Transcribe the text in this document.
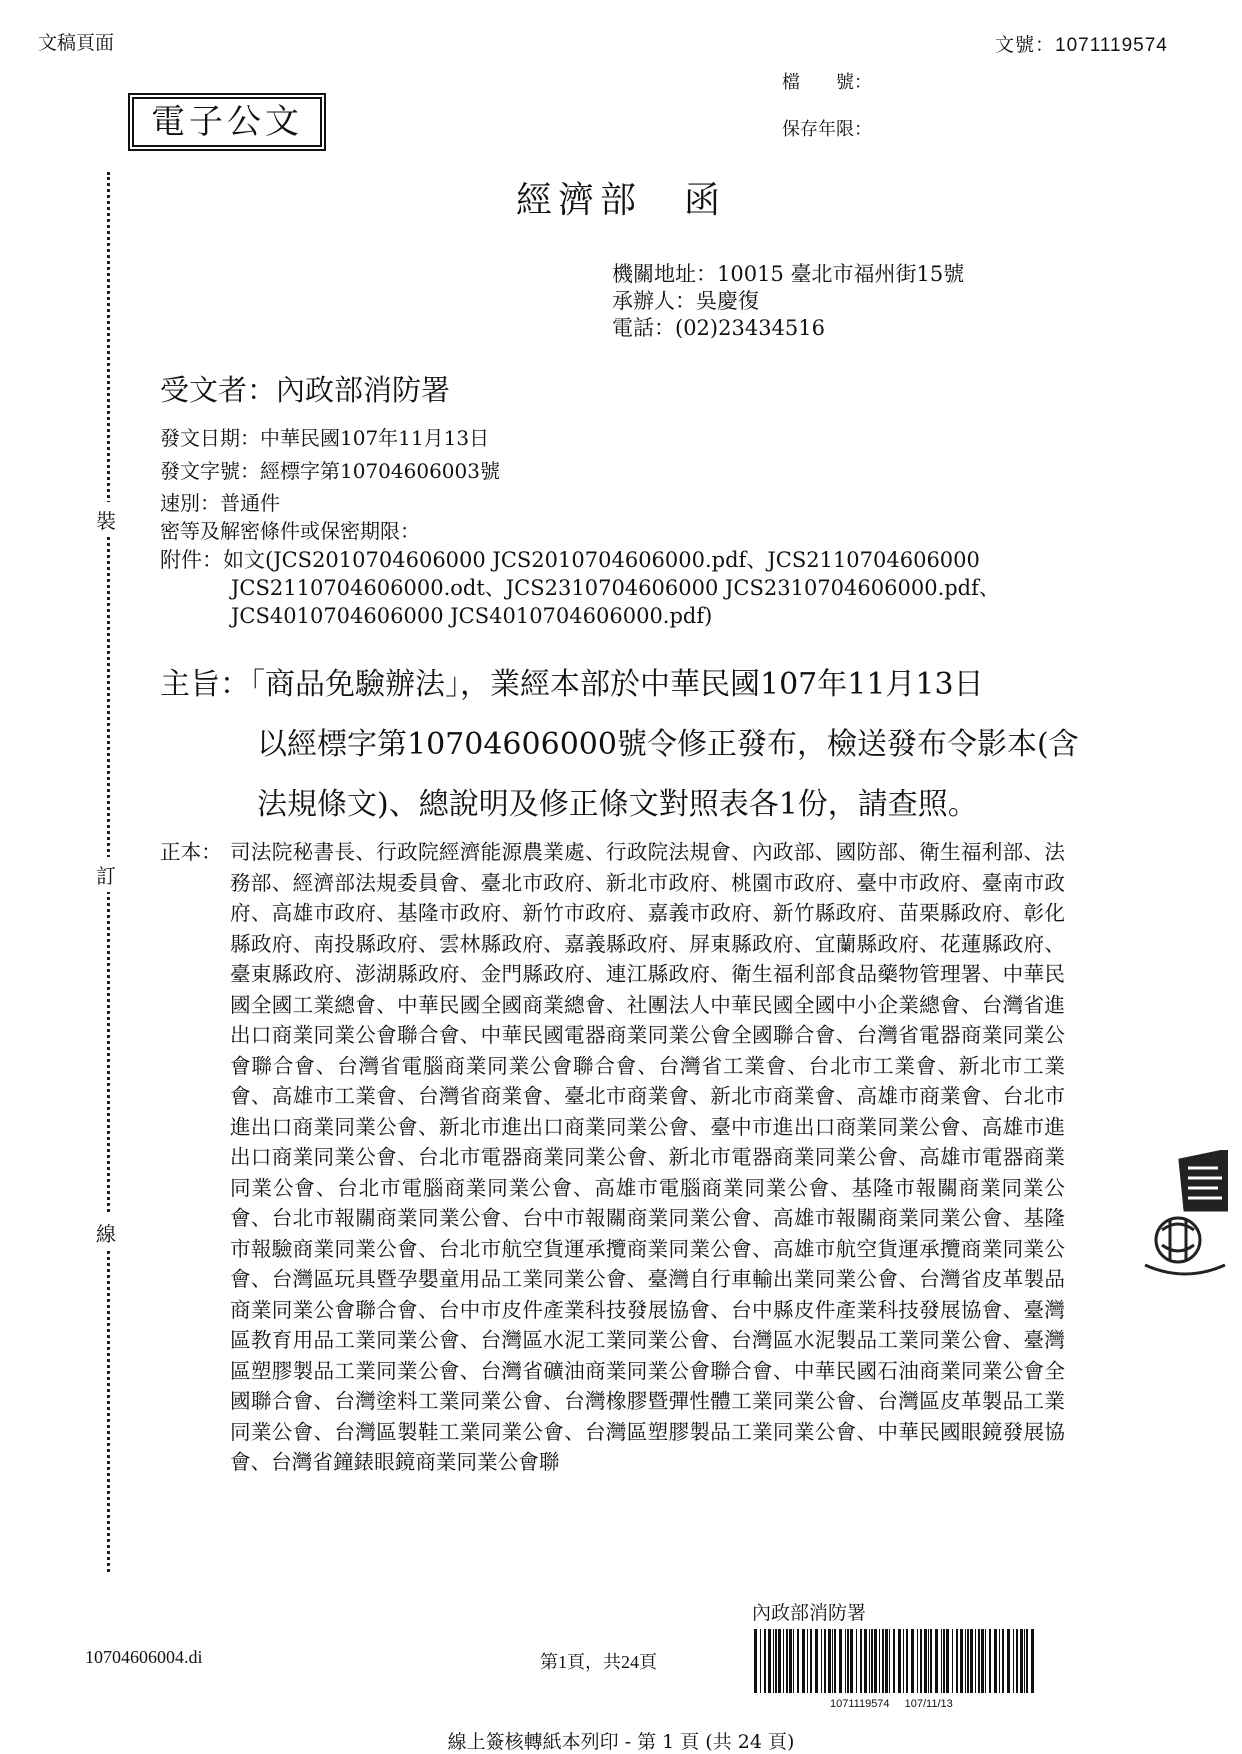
文稿頁面	文號：1071119574
檔　　號：
保存年限：
電子公文
裝
訂
線
經濟部　函
機關地址：10015 臺北市福州街15號
承辦人：吳慶復
電話：(02)23434516
受文者：內政部消防署
發文日期：中華民國107年11月13日
發文字號：經標字第10704606003號
速別：普通件
密等及解密條件或保密期限：
附件：如文(JCS2010704606000 JCS2010704606000.pdf、JCS2110704606000 JCS2110704606000.odt、JCS2310704606000 JCS2310704606000.pdf、JCS4010704606000 JCS4010704606000.pdf)
主旨：「商品免驗辦法」，業經本部於中華民國107年11月13日
以經標字第10704606000號令修正發布，檢送發布令影本(含法規條文)、總說明及修正條文對照表各1份，請查照。
正本： 司法院秘書長、行政院經濟能源農業處、行政院法規會、內政部、國防部、衛生福利部、法務部、經濟部法規委員會、臺北市政府、新北市政府、桃園市政府、臺中市政府、臺南市政府、高雄市政府、基隆市政府、新竹市政府、嘉義市政府、新竹縣政府、苗栗縣政府、彰化縣政府、南投縣政府、雲林縣政府、嘉義縣政府、屏東縣政府、宜蘭縣政府、花蓮縣政府、臺東縣政府、澎湖縣政府、金門縣政府、連江縣政府、衛生福利部食品藥物管理署、中華民國全國工業總會、中華民國全國商業總會、社團法人中華民國全國中小企業總會、台灣省進出口商業同業公會聯合會、中華民國電器商業同業公會全國聯合會、台灣省電器商業同業公會聯合會、台灣省電腦商業同業公會聯合會、台灣省工業會、台北市工業會、新北市工業會、高雄市工業會、台灣省商業會、臺北市商業會、新北市商業會、高雄市商業會、台北市進出口商業同業公會、新北市進出口商業同業公會、臺中市進出口商業同業公會、高雄市進出口商業同業公會、台北市電器商業同業公會、新北市電器商業同業公會、高雄市電器商業同業公會、台北市電腦商業同業公會、高雄市電腦商業同業公會、基隆市報關商業同業公會、台北市報關商業同業公會、台中市報關商業同業公會、高雄市報關商業同業公會、基隆市報驗商業同業公會、台北市航空貨運承攬商業同業公會、高雄市航空貨運承攬商業同業公會、台灣區玩具暨孕嬰童用品工業同業公會、臺灣自行車輸出業同業公會、台灣省皮革製品商業同業公會聯合會、台中市皮件產業科技發展協會、台中縣皮件產業科技發展協會、臺灣區教育用品工業同業公會、台灣區水泥工業同業公會、台灣區水泥製品工業同業公會、臺灣區塑膠製品工業同業公會、台灣省礦油商業同業公會聯合會、中華民國石油商業同業公會全國聯合會、台灣塗料工業同業公會、台灣橡膠暨彈性體工業同業公會、台灣區皮革製品工業同業公會、台灣區製鞋工業同業公會、台灣區塑膠製品工業同業公會、中華民國眼鏡發展協會、台灣省鐘錶眼鏡商業同業公會聯
10704606004.di	第1頁，共24頁
內政部消防署
1071119574 107/11/13
線上簽核轉紙本列印 - 第 1 頁 (共 24 頁)
